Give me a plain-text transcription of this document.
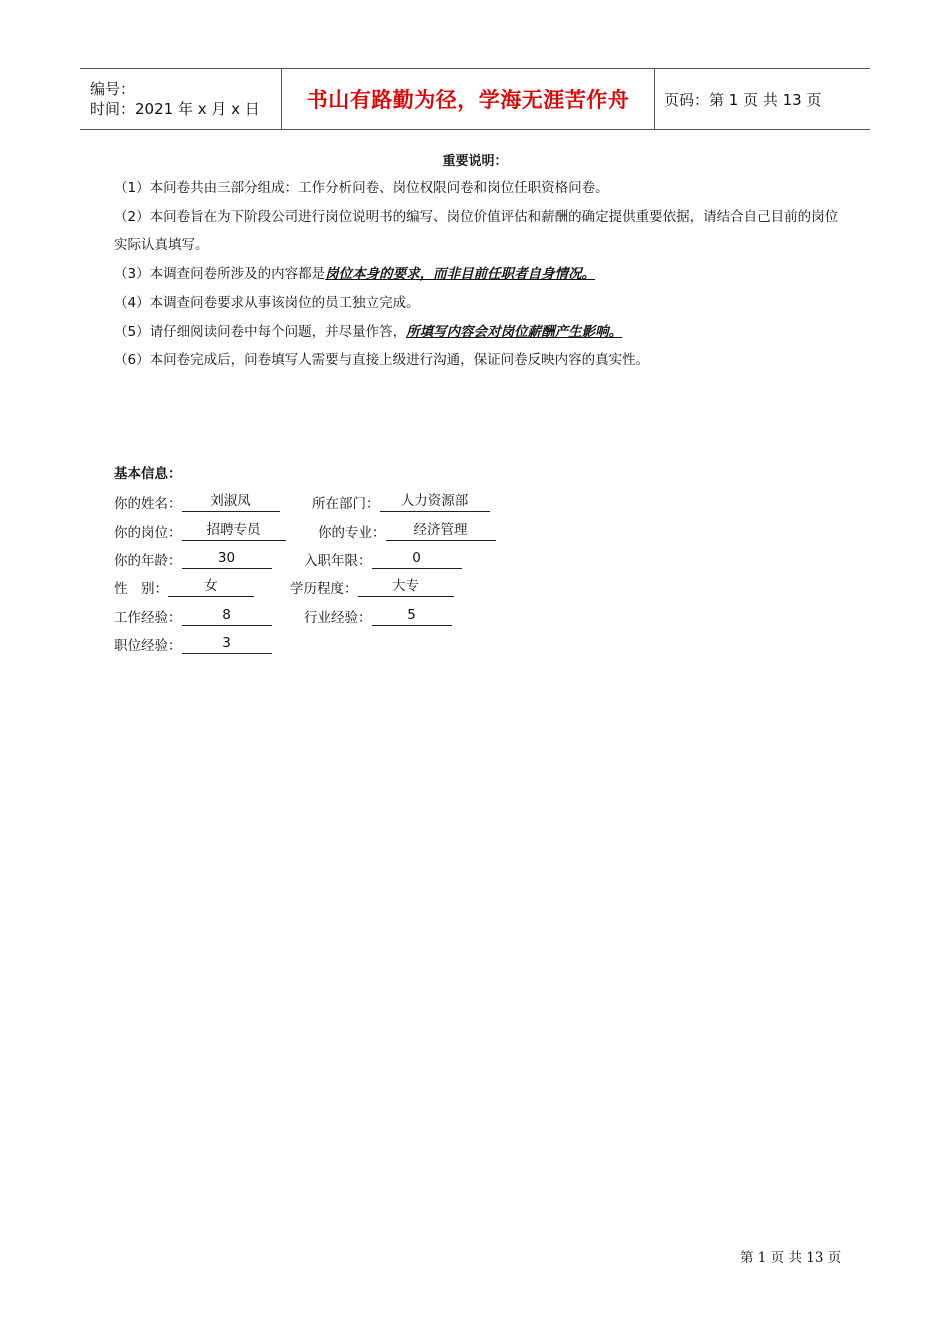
编号：
时间：2021 年 x 月 x 日	书山有路勤为径，学海无涯苦作舟 页码：第 1 页 共 13 页
重要说明：
（1）本问卷共由三部分组成：工作分析问卷、岗位权限问卷和岗位任职资格问卷。
（2）本问卷旨在为下阶段公司进行岗位说明书的编写、岗位价值评估和薪酬的确定提供重要依据，请结合自己目前的岗位实际认真填写。
（3）本调查问卷所涉及的内容都是岗位本身的要求，而非目前任职者自身情况。
（4）本调查问卷要求从事该岗位的员工独立完成。
（5）请仔细阅读问卷中每个问题，并尽量作答，所填写内容会对岗位薪酬产生影响。
（6）本问卷完成后，问卷填写人需要与直接上级进行沟通，保证问卷反映内容的真实性。
基本信息：
你的姓名：	刘淑凤	所在部门：	人力资源部
你的岗位：	招聘专员	你的专业：	经济管理
你的年龄：	30	入职年限：	0
性　别：	女	学历程度：	大专
工作经验：	8	行业经验：	5
职位经验：	3
第 1 页 共 13 页
